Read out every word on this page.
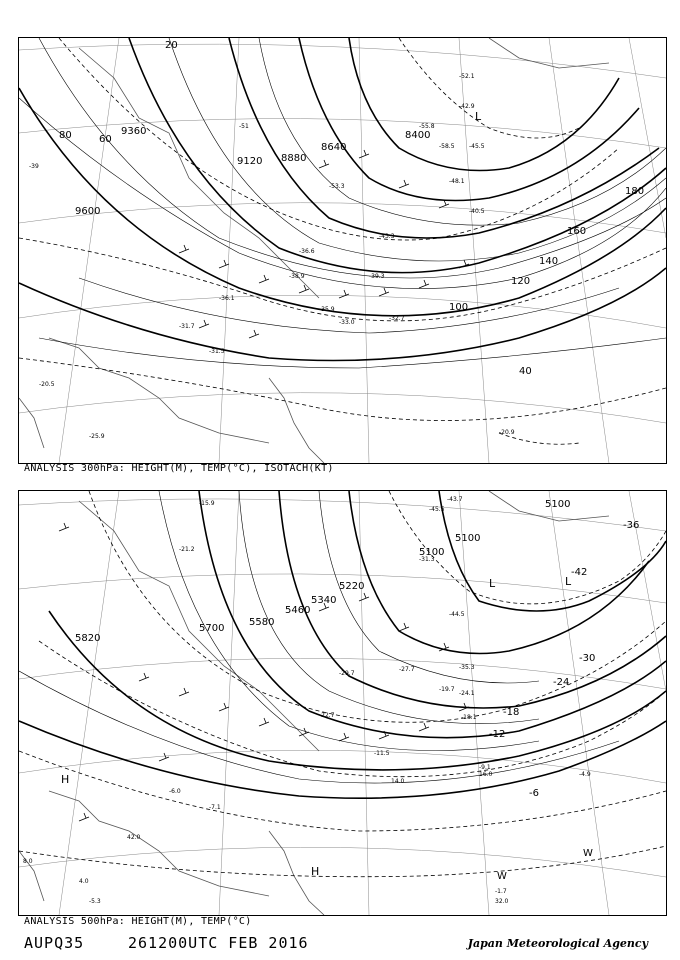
9360
9600
9120 8880
8640
8400
20
40
60
80
100
120
140
160
180
-39
-42.9
-55.8
-51
-45.5
-48.1
-40.5
-39.3
-36.1
-31.7
-31.5
-20.5
-20.9
-25.9
-36.6
-38.9
-32.7
-33.0
-35.9
-43.3
-52.1
-58.5
-53.3
L
ANALYSIS 300hPa: HEIGHT(M), TEMP(°C), ISOTACH(KT)
5820
5700
5580
5460
5340
5220
5100
5100
5100
-42
-36
-30
-24
-18
-12
-6
-43.7
-45.5
-44.5
-35.3
-24.1
-18.1
-11.5
-9.1
-4.9
-7.1
-6.0
-5.3
-1.7
32.0
14.0
16.0
42.0
4.0
8.0
-19.7
-27.7
-31.3
-29.7
-22.7
-15.9
-21.2
H
H
L	L
W
W
ANALYSIS 500hPa: HEIGHT(M), TEMP(°C)
AUPQ35	261200UTC FEB 2016	Japan Meteorological Agency
